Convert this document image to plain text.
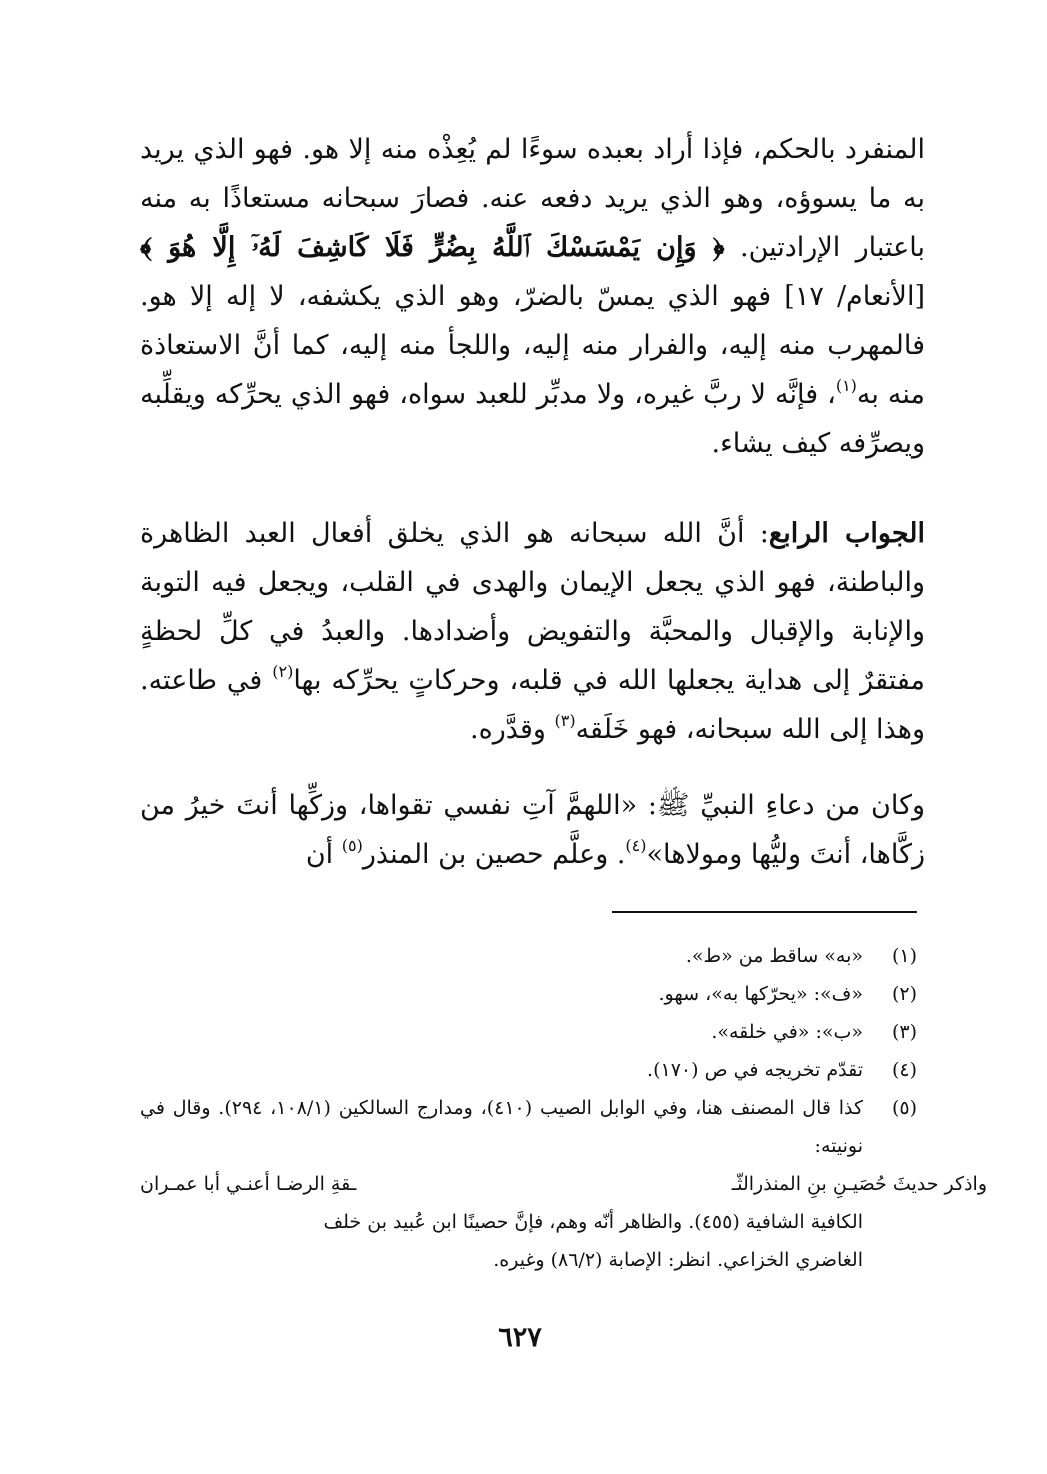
المنفرد بالحكم، فإذا أراد بعبده سوءًا لم يُعِذْه منه إلا هو. فهو الذي يريد به ما يسوؤه، وهو الذي يريد دفعه عنه. فصارَ سبحانه مستعاذًا به منه باعتبار الإرادتين. ﴿ وَإِن يَمْسَسْكَ ٱللَّهُ بِضُرٍّ فَلَا كَاشِفَ لَهُۥٓ إِلَّا هُوَ ﴾[الأنعام/ ١٧] فهو الذي يمسّ بالضرّ، وهو الذي يكشفه، لا إله إلا هو. فالمهرب منه إليه، والفرار منه إليه، واللجأ منه إليه، كما أنَّ الاستعاذة منه به$^{(١)}$، فإنَّه لا ربَّ غيره، ولا مدبِّر للعبد سواه، فهو الذي يحرِّكه ويقلِّبه ويصرِّفه كيف يشاء.
الجواب الرابع: أنَّ الله سبحانه هو الذي يخلق أفعال العبد الظاهرة والباطنة، فهو الذي يجعل الإيمان والهدى في القلب، ويجعل فيه التوبة والإنابة والإقبال والمحبَّة والتفويض وأضدادها. والعبدُ في كلِّ لحظةٍ مفتقرٌ إلى هداية يجعلها الله في قلبه، وحركاتٍ يحرِّكه بها$^{(٢)}$ في طاعته. وهذا إلى الله سبحانه، فهو خَلَقه$^{(٣)}$ وقدَّره.
وكان من دعاءِ النبيِّ ﷺ: «اللهمَّ آتِ نفسي تقواها، وزكِّها أنتَ خيرُ من زكَّاها، أنتَ وليُّها ومولاها»$^{(٤)}$. وعلَّم حصين بن المنذر$^{(٥)}$ أن
(١)
«به» ساقط من «ط».
(٢)
«ف»: «يحرّكها به»، سهو.
(٣)
«ب»: «في خلقه».
(٤)
تقدّم تخريجه في ص (١٧٠).
(٥)
كذا قال المصنف هنا، وفي الوابل الصيب (٤١٠)، ومدارج السالكين (١٠٨/١، ٢٩٤). وقال في نونيته:
واذكر حديثَ حُصَيـنِ بنِ المنذرالثّـ
ـقةِ الرضـا أعنـي أبا عمـران
الكافية الشافية (٤٥٥). والظاهر أنّه وهم، فإنَّ حصينًا ابن عُبيد بن خلف
الغاضري الخزاعي. انظر: الإصابة (٨٦/٢) وغيره.
٦٢٧
